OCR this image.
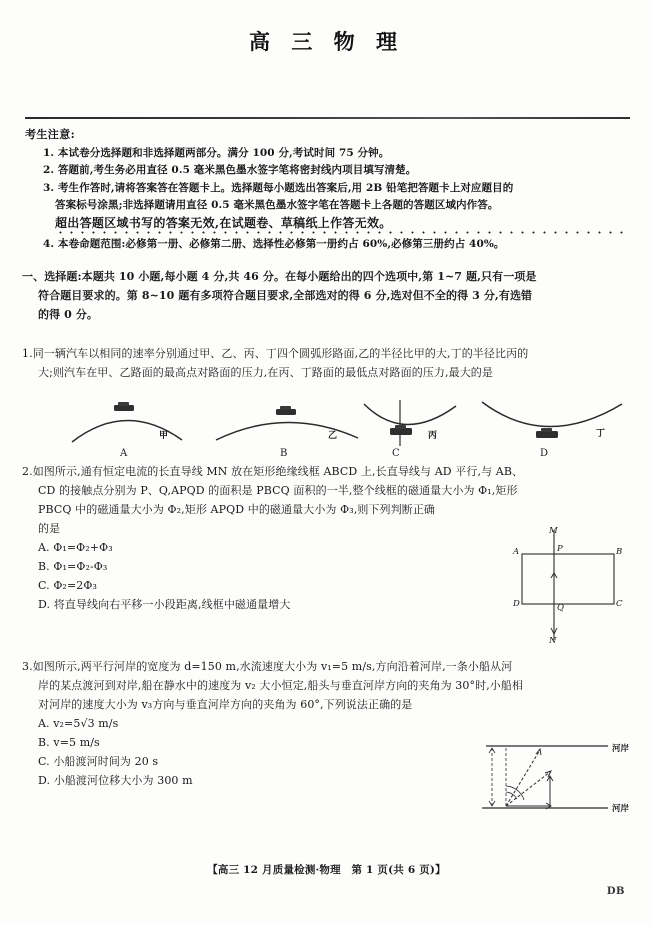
高 三 物 理
考生注意:
1. 本试卷分选择题和非选择题两部分。满分 100 分,考试时间 75 分钟。
2. 答题前,考生务必用直径 0.5 毫米黑色墨水签字笔将密封线内项目填写清楚。
3. 考生作答时,请将答案答在答题卡上。选择题每小题选出答案后,用 2B 铅笔把答题卡上对应题目的
答案标号涂黑;非选择题请用直径 0.5 毫米黑色墨水签字笔在答题卡上各题的答题区域内作答。
超出答题区域书写的答案无效,在试题卷、草稿纸上作答无效。
4. 本卷命题范围:必修第一册、必修第二册、选择性必修第一册约占 60%,必修第三册约占 40%。
一、选择题:本题共 10 小题,每小题 4 分,共 46 分。在每小题给出的四个选项中,第 1~7 题,只有一项是
符合题目要求的。第 8~10 题有多项符合题目要求,全部选对的得 6 分,选对但不全的得 3 分,有选错
的得 0 分。
1.同一辆汽车以相同的速率分别通过甲、乙、丙、丁四个圆弧形路面,乙的半径比甲的大,丁的半径比丙的
大;则汽车在甲、乙路面的最高点对路面的压力,在丙、丁路面的最低点对路面的压力,最大的是
A
甲
B
乙
C
丙
D
丁
2.如图所示,通有恒定电流的长直导线 MN 放在矩形绝缘线框 ABCD 上,长直导线与 AD 平行,与 AB、
CD 的接触点分别为 P、Q,APQD 的面积是 PBCQ 面积的一半,整个线框的磁通量大小为 Φ₁,矩形
PBCQ 中的磁通量大小为 Φ₂,矩形 APQD 中的磁通量大小为 Φ₃,则下列判断正确
的是
A. Φ₁=Φ₂+Φ₃
B. Φ₁=Φ₂-Φ₃
C. Φ₂=2Φ₃
D. 将直导线向右平移一小段距离,线框中磁通量增大
M
N
A	B
C
D
P
Q
3.如图所示,两平行河岸的宽度为 d=150 m,水流速度大小为 v₁=5 m/s,方向沿着河岸,一条小船从河
岸的某点渡河到对岸,船在静水中的速度为 v₂ 大小恒定,船头与垂直河岸方向的夹角为 30°时,小船相
对河岸的速度大小为 v₃方向与垂直河岸方向的夹角为 60°,下列说法正确的是
A. v₂=5√3 m/s
B. v=5 m/s
C. 小船渡河时间为 20 s
D. 小船渡河位移大小为 300 m
河岸
河岸
【高三 12 月质量检测·物理　第 1 页(共 6 页)】
DB
